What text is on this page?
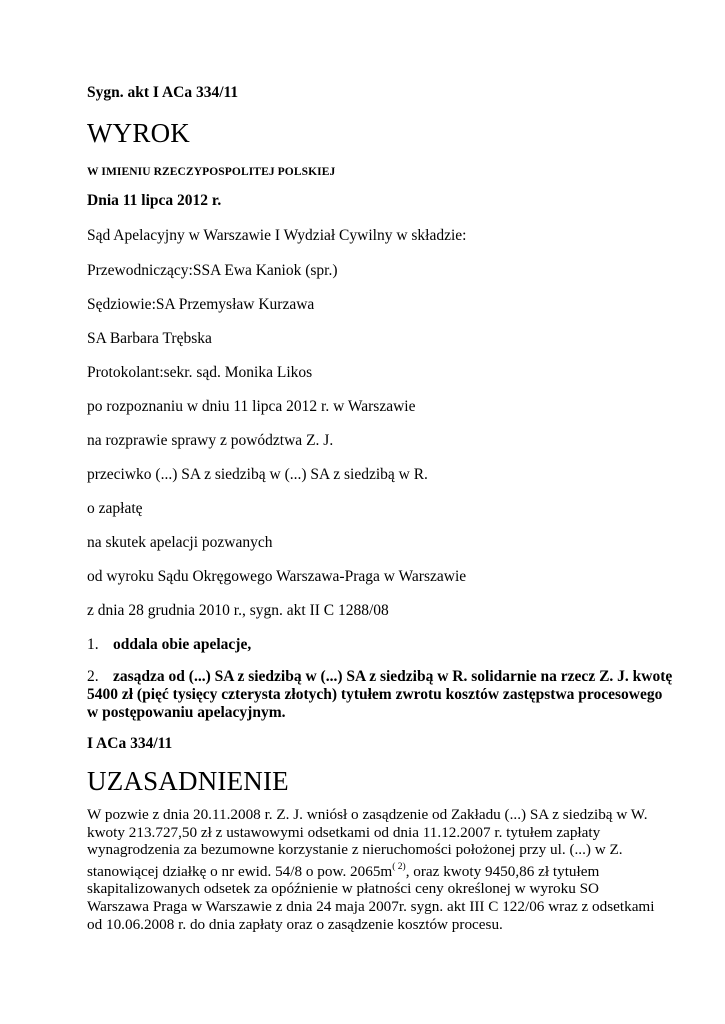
Sygn. akt I ACa 334/11
WYROK
W IMIENIU RZECZYPOSPOLITEJ POLSKIEJ
Dnia 11 lipca 2012 r.
Sąd Apelacyjny w Warszawie I Wydział Cywilny w składzie:
Przewodniczący:SSA Ewa Kaniok (spr.)
Sędziowie:SA Przemysław Kurzawa
SA Barbara Trębska
Protokolant:sekr. sąd. Monika Likos
po rozpoznaniu w dniu 11 lipca 2012 r. w Warszawie
na rozprawie sprawy z powództwa Z. J.
przeciwko (...) SA z siedzibą w (...) SA z siedzibą w R.
o zapłatę
na skutek apelacji pozwanych
od wyroku Sądu Okręgowego Warszawa-Praga w Warszawie
z dnia 28 grudnia 2010 r., sygn. akt II C 1288/08
1. oddala obie apelacje,
2. zasądza od (...) SA z siedzibą w (...) SA z siedzibą w R. solidarnie na rzecz Z. J. kwotę
5400 zł (pięć tysięcy czterysta złotych) tytułem zwrotu kosztów zastępstwa procesowego
w postępowaniu apelacyjnym.
I ACa 334/11
UZASADNIENIE
W pozwie z dnia 20.11.2008 r. Z. J. wniósł o zasądzenie od Zakładu (...) SA z siedzibą w W.
kwoty 213.727,50 zł z ustawowymi odsetkami od dnia 11.12.2007 r. tytułem zapłaty
wynagrodzenia za bezumowne korzystanie z nieruchomości położonej przy ul. (...) w Z.
stanowiącej działkę o nr ewid. 54/8 o pow. $2065m^{( 2)}$, oraz kwoty 9450,86 zł tytułem
skapitalizowanych odsetek za opóźnienie w płatności ceny określonej w wyroku SO
Warszawa Praga w Warszawie z dnia 24 maja 2007r. sygn. akt III C 122/06 wraz z odsetkami
od 10.06.2008 r. do dnia zapłaty oraz o zasądzenie kosztów procesu.
